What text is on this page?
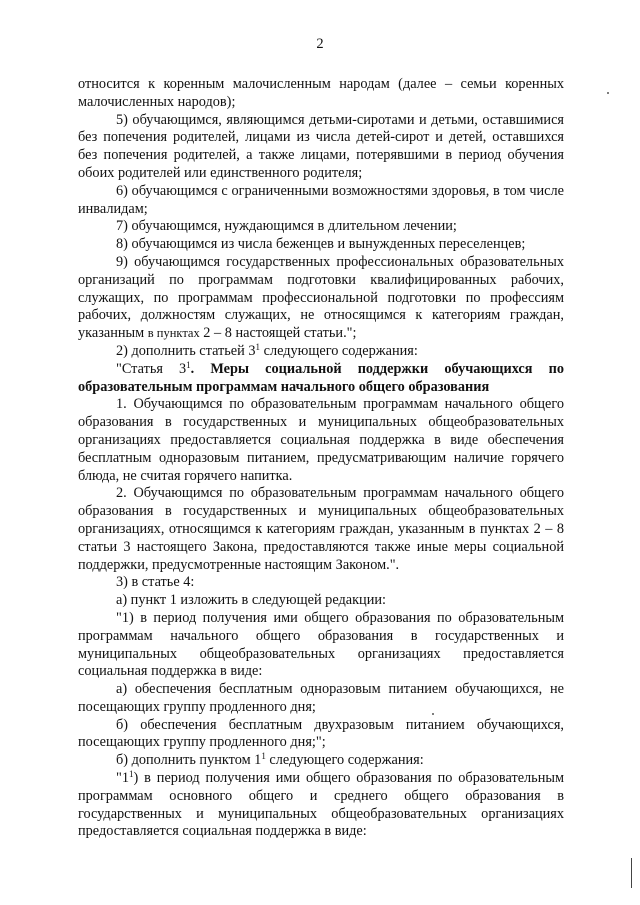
2

относится к коренным малочисленным народам (далее – семьи коренных малочисленных народов);

5) обучающимся, являющимся детьми-сиротами и детьми, оставшимися без попечения родителей, лицами из числа детей-сирот и детей, оставшихся без попечения родителей, а также лицами, потерявшими в период обучения обоих родителей или единственного родителя;

6) обучающимся с ограниченными возможностями здоровья, в том числе инвалидам;

7) обучающимся, нуждающимся в длительном лечении;

8) обучающимся из числа беженцев и вынужденных переселенцев;

9) обучающимся государственных профессиональных образовательных организаций по программам подготовки квалифицированных рабочих, служащих, по программам профессиональной подготовки по профессиям рабочих, должностям служащих, не относящимся к категориям граждан, указанным в пунктах 2 – 8 настоящей статьи.";

2) дополнить статьей $3^1$ следующего содержания:

"Статья $3^1$. Меры социальной поддержки обучающихся по образовательным программам начального общего образования

1. Обучающимся по образовательным программам начального общего образования в государственных и муниципальных общеобразовательных организациях предоставляется социальная поддержка в виде обеспечения бесплатным одноразовым питанием, предусматривающим наличие горячего блюда, не считая горячего напитка.

2. Обучающимся по образовательным программам начального общего образования в государственных и муниципальных общеобразовательных организациях, относящимся к категориям граждан, указанным в пунктах 2 – 8 статьи 3 настоящего Закона, предоставляются также иные меры социальной поддержки, предусмотренные настоящим Законом.".

3) в статье 4:

а) пункт 1 изложить в следующей редакции:

"1) в период получения ими общего образования по образовательным программам начального общего образования в государственных и муниципальных общеобразовательных организациях предоставляется социальная поддержка в виде:

а) обеспечения бесплатным одноразовым питанием обучающихся, не посещающих группу продленного дня;

б) обеспечения бесплатным двухразовым питанием обучающихся, посещающих группу продленного дня;";

б) дополнить пунктом $1^1$ следующего содержания:

"$1^1$) в период получения ими общего образования по образовательным программам основного общего и среднего общего образования в государственных и муниципальных общеобразовательных организациях предоставляется социальная поддержка в виде:
